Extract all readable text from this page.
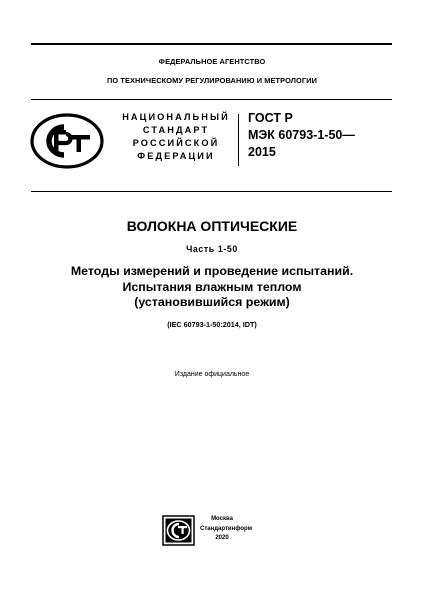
ФЕДЕРАЛЬНОЕ АГЕНТСТВО
ПО ТЕХНИЧЕСКОМУ РЕГУЛИРОВАНИЮ И МЕТРОЛОГИИ
НАЦИОНАЛЬНЫЙ
СТАНДАРТ
РОССИЙСКОЙ
ФЕДЕРАЦИИ
ГОСТ Р
МЭК 60793-1-50—
2015
ВОЛОКНА ОПТИЧЕСКИЕ
Часть 1-50
Методы измерений и проведение испытаний.
Испытания влажным теплом
(установившийся режим)
(IEC 60793-1-50:2014, IDT)
Издание официальное
Москва
Стандартинформ
2020
